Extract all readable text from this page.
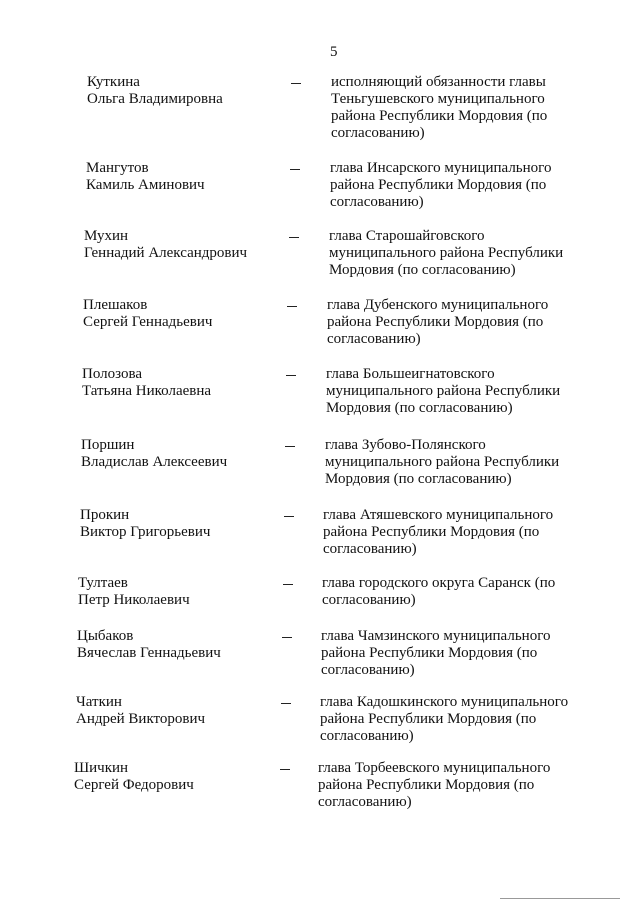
5
Куткина
Ольга Владимировна
исполняющий обязанности главы
Теньгушевского муниципального
района Республики Мордовия (по
согласованию)
Мангутов
Камиль Аминович
глава Инсарского муниципального
района Республики Мордовия (по
согласованию)
Мухин
Геннадий Александрович
глава Старошайговского
муниципального района Республики
Мордовия (по согласованию)
Плешаков
Сергей Геннадьевич
глава Дубенского муниципального
района Республики Мордовия (по
согласованию)
Полозова
Татьяна Николаевна
глава Большеигнатовского
муниципального района Республики
Мордовия (по согласованию)
Поршин
Владислав Алексеевич
глава Зубово-Полянского
муниципального района Республики
Мордовия (по согласованию)
Прокин
Виктор Григорьевич
глава Атяшевского муниципального
района Республики Мордовия (по
согласованию)
Тултаев
Петр Николаевич
глава городского округа Саранск (по
согласованию)
Цыбаков
Вячеслав Геннадьевич
глава Чамзинского муниципального
района Республики Мордовия (по
согласованию)
Чаткин
Андрей Викторович
глава Кадошкинского муниципального
района Республики Мордовия (по
согласованию)
Шичкин
Сергей Федорович
глава Торбеевского муниципального
района Республики Мордовия (по
согласованию)
